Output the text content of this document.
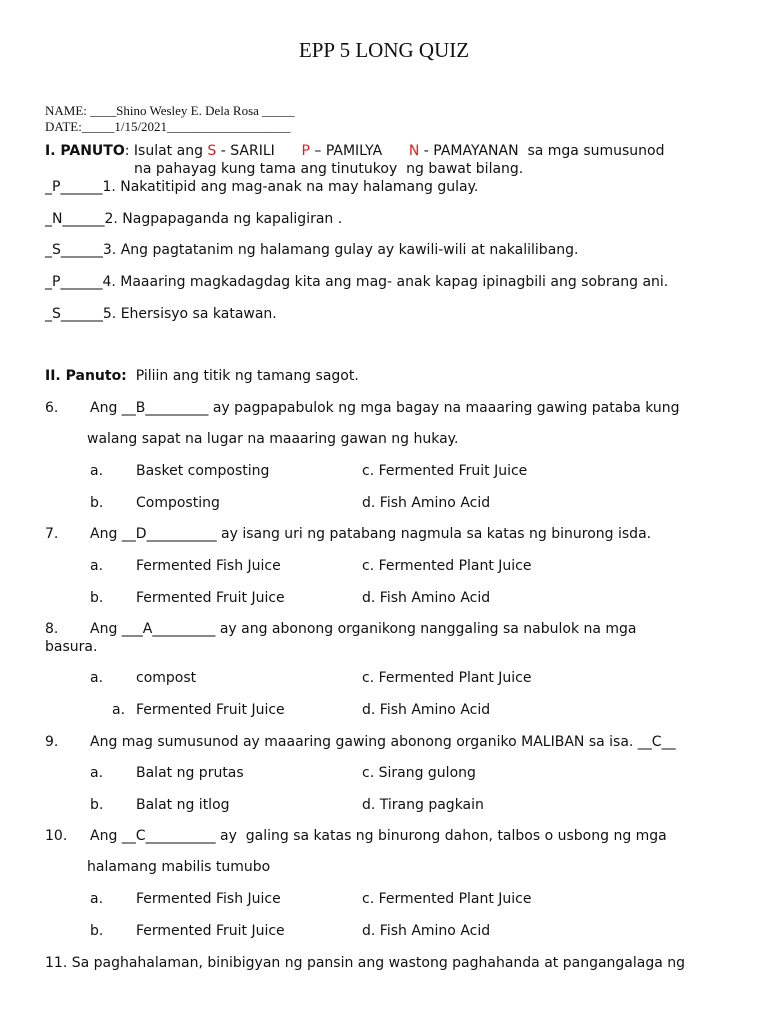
EPP 5 LONG QUIZ
NAME: ____Shino Wesley E. Dela Rosa _____
DATE:_____1/15/2021___________________
I. PANUTO: Isulat ang S - SARILI P – PAMILYA N - PAMAYANAN  sa mga sumusunod
na pahayag kung tama ang tinutukoy  ng bawat bilang.
_P______1. Nakatitipid ang mag-anak na may halamang gulay.
_N______2. Nagpapaganda ng kapaligiran .
_S______3. Ang pagtatanim ng halamang gulay ay kawili-wili at nakalilibang.
_P______4. Maaaring magkadagdag kita ang mag- anak kapag ipinagbili ang sobrang ani.
_S______5. Ehersisyo sa katawan.
II. Panuto:  Piliin ang titik ng tamang sagot.
6. Ang __B_________ ay pagpapabulok ng mga bagay na maaaring gawing pataba kung
walang sapat na lugar na maaaring gawan ng hukay.
a. Basket composting	c. Fermented Fruit Juice
b. Composting	d. Fish Amino Acid
7. Ang __D__________ ay isang uri ng patabang nagmula sa katas ng binurong isda.
a. Fermented Fish Juice	c. Fermented Plant Juice
b. Fermented Fruit Juice	d. Fish Amino Acid
8. Ang ___A_________ ay ang abonong organikong nanggaling sa nabulok na mga
basura.
a. compost	c. Fermented Plant Juice
a. Fermented Fruit Juice	d. Fish Amino Acid
9. Ang mag sumusunod ay maaaring gawing abonong organiko MALIBAN sa isa. __C__
a. Balat ng prutas	c. Sirang gulong
b. Balat ng itlog	d. Tirang pagkain
10. Ang __C__________ ay  galing sa katas ng binurong dahon, talbos o usbong ng mga
halamang mabilis tumubo
a. Fermented Fish Juice	c. Fermented Plant Juice
b. Fermented Fruit Juice	d. Fish Amino Acid
11. Sa paghahalaman, binibigyan ng pansin ang wastong paghahanda at pangangalaga ng
